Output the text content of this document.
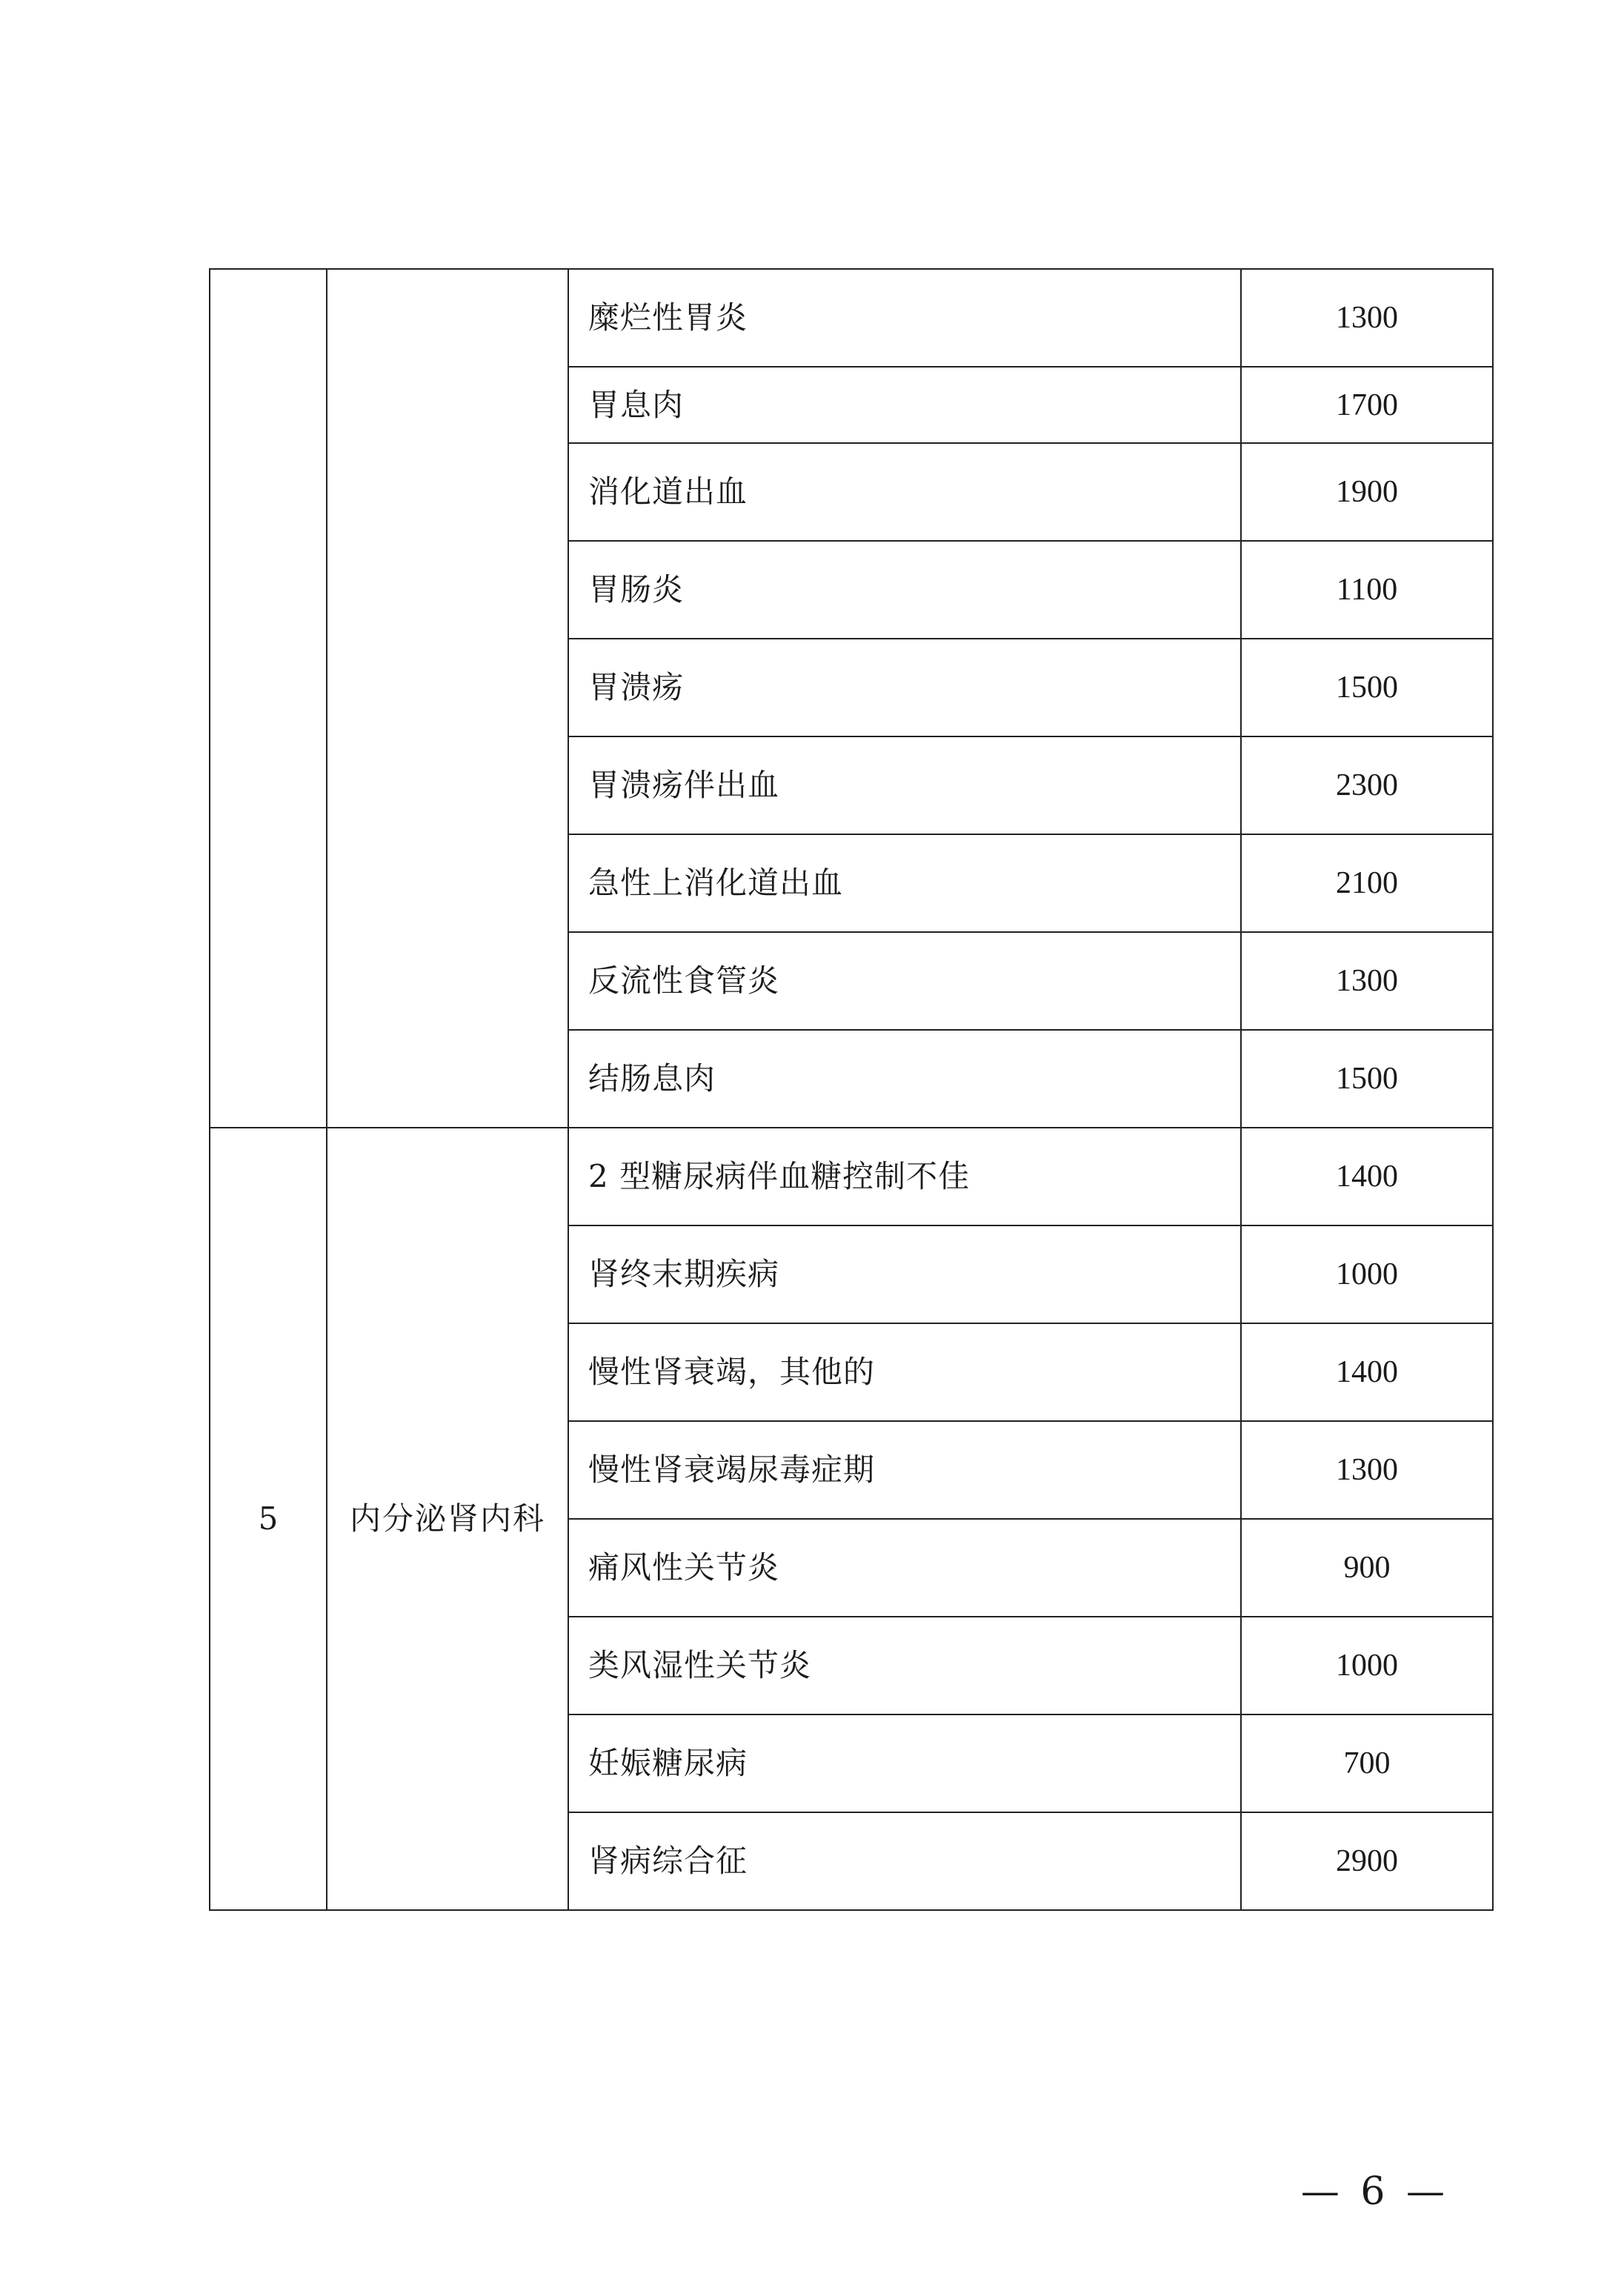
		糜烂性胃炎	1300
		胃息肉	1700
		消化道出血	1900
		胃肠炎	1100
		胃溃疡	1500
		胃溃疡伴出血	2300
		急性上消化道出血	2100
		反流性食管炎	1300
		结肠息肉	1500
5	内分泌肾内科	2 型糖尿病伴血糖控制不佳	1400
		肾终末期疾病	1000
		慢性肾衰竭，其他的	1400
		慢性肾衰竭尿毒症期	1300
		痛风性关节炎	900
		类风湿性关节炎	1000
		妊娠糖尿病	700
		肾病综合征	2900
— 6 —
